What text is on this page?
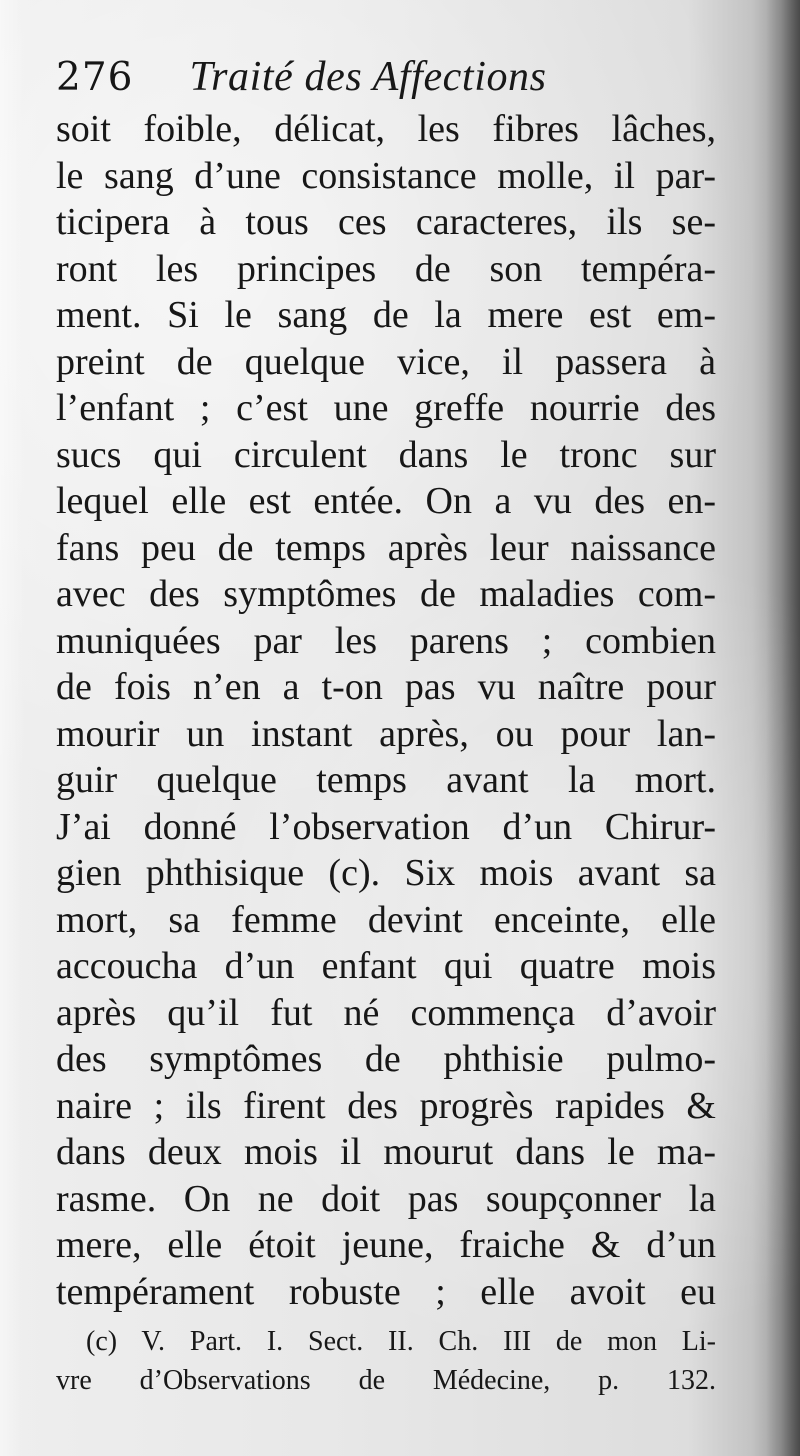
276 Traité des Affections
soit foible, délicat, les fibres lâches,
le sang d’une consistance molle, il par-
ticipera à tous ces caracteres, ils se-
ront les principes de son tempéra-
ment. Si le sang de la mere est em-
preint de quelque vice, il passera à
l’enfant ; c’est une greffe nourrie des
sucs qui circulent dans le tronc sur
lequel elle est entée. On a vu des en-
fans peu de temps après leur naissance
avec des symptômes de maladies com-
muniquées par les parens ; combien
de fois n’en a t-on pas vu naître pour
mourir un instant après, ou pour lan-
guir quelque temps avant la mort.
J’ai donné l’observation d’un Chirur-
gien phthisique (c). Six mois avant sa
mort, sa femme devint enceinte, elle
accoucha d’un enfant qui quatre mois
après qu’il fut né commença d’avoir
des symptômes de phthisie pulmo-
naire ; ils firent des progrès rapides &
dans deux mois il mourut dans le ma-
rasme. On ne doit pas soupçonner la
mere, elle étoit jeune, fraiche & d’un
tempérament robuste ; elle avoit eu
(c) V. Part. I. Sect. II. Ch. III de mon Li-
vre d’Observations de Médecine, p. 132.
